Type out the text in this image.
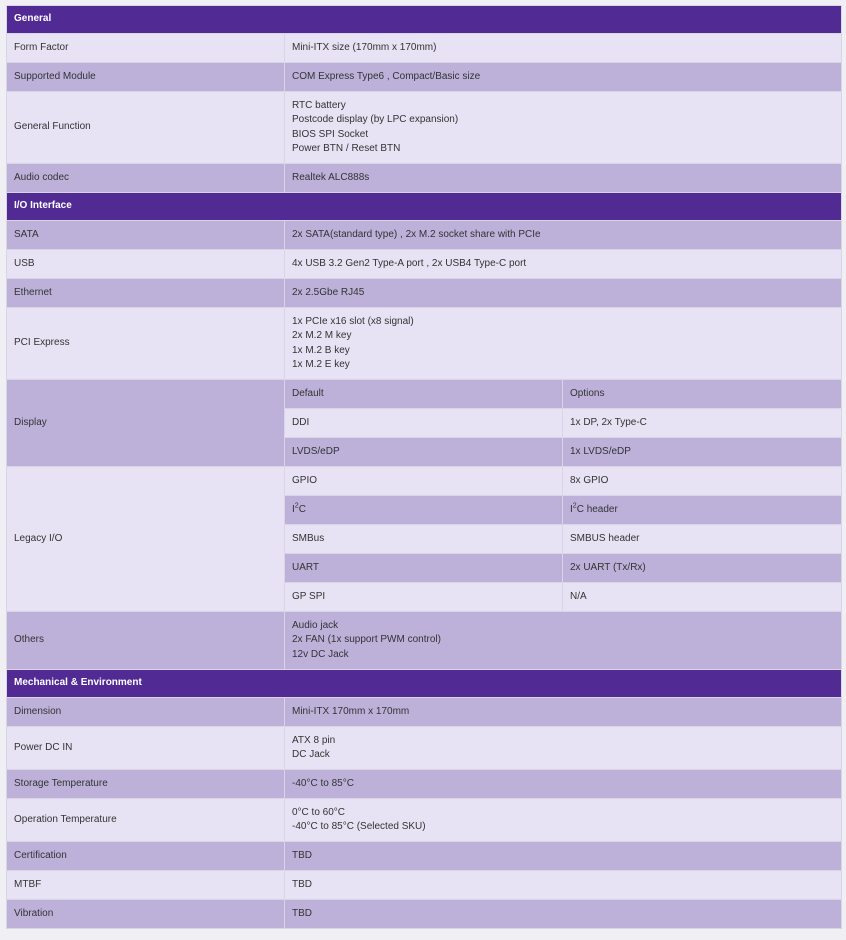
General		
Form Factor	Mini-ITX size (170mm x 170mm)	
Supported Module	COM Express Type6 , Compact/Basic size	
General Function	RTC battery
Postcode display (by LPC expansion)
BIOS SPI Socket
Power BTN / Reset BTN	

Audio codec	Realtek ALC888s	
I/O Interface		
SATA	2x SATA(standard type) , 2x M.2 socket share with PCIe	
USB	4x USB 3.2 Gen2 Type-A port , 2x USB4 Type-C port	
Ethernet	2x 2.5Gbe RJ45	
PCI Express	1x PCIe x16 slot (x8 signal)
2x M.2 M key
1x M.2 B key
1x M.2 E key	

Display	Default	Options
	DDI	1x DP, 2x Type-C
	LVDS/eDP	1x LVDS/eDP
Legacy I/O	GPIO	8x GPIO
	$I^2C$	$I^2C$ header
	SMBus	SMBUS header
	UART	2x UART (Tx/Rx)
	GP SPI	N/A
Others	Audio jack
2x FAN (1x support PWM control)
12v DC Jack	

Mechanical & Environment		
Dimension	Mini-ITX 170mm x 170mm	
Power DC IN	ATX 8 pin
DC Jack	

Storage Temperature	-40°C to 85°C	
Operation Temperature	0°C to 60°C
-40°C to 85°C (Selected SKU)	

Certification	TBD	
MTBF	TBD	
Vibration	TBD	
